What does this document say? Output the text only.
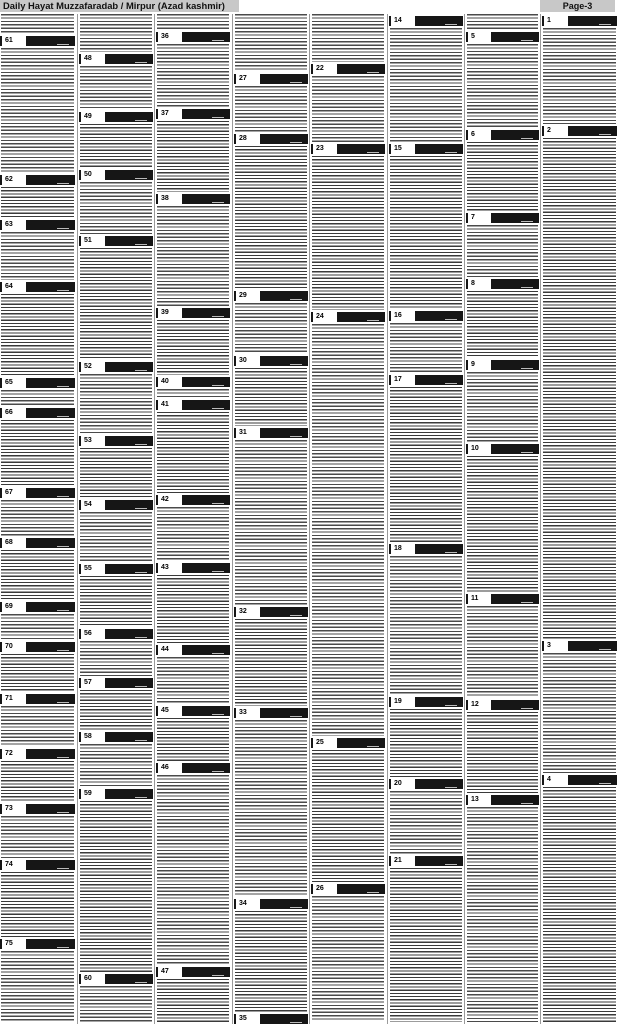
Daily Hayat Muzzafaradab / Mirpur (Azad kashmir)	Page-3
61
62
63
64
65
66
67
68
69
70
71
72
73
74
75
48
49
50
51
52
53
54
55
56
57
58
59
60
36
37
38
39
40
41
42
43
44
45
46
47
27
28
29
30
31
32
33
34
35
22
23
24
25
26
14
15
16
17
18
19
20
21
5
6
7
8
9
10
11
12
13
1
2
3
4
